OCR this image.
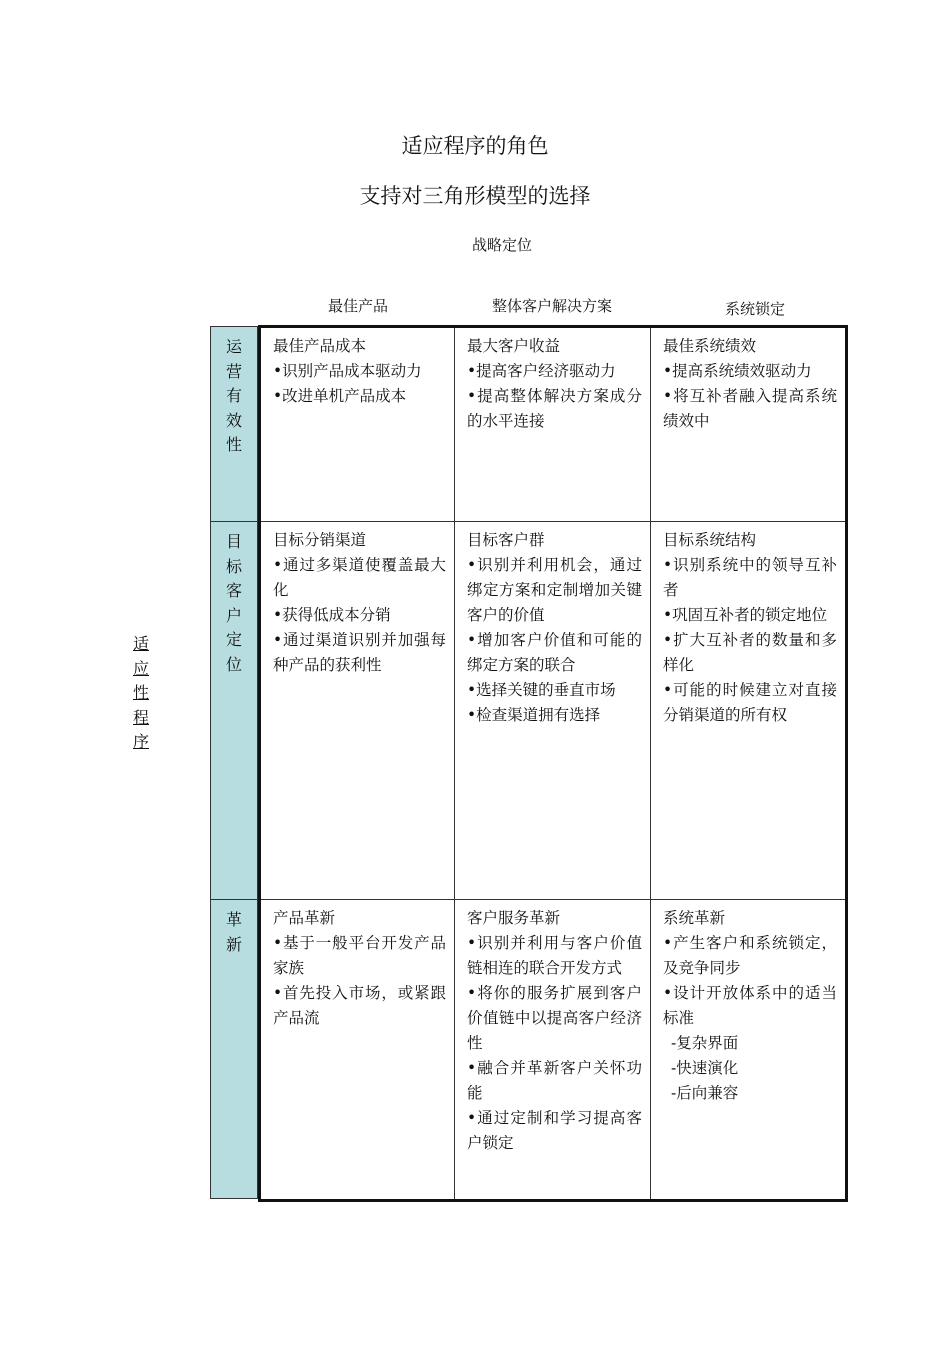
适应程序的角色
支持对三角形模型的选择
战略定位
最佳产品	整体客户解决方案	系统锁定
适
应
性
程
序
运
营
有
效
性
目
标
客
户
定
位
革
新
最佳产品成本
•识别产品成本驱动力
•改进单机产品成本
最大客户收益
•提高客户经济驱动力
•提高整体解决方案成分的水平连接
最佳系统绩效
•提高系统绩效驱动力
•将互补者融入提高系统绩效中
目标分销渠道
•通过多渠道使覆盖最大化
•获得低成本分销
•通过渠道识别并加强每种产品的获利性
目标客户群
•识别并利用机会，通过绑定方案和定制增加关键客户的价值
•增加客户价值和可能的绑定方案的联合
•选择关键的垂直市场
•检查渠道拥有选择
目标系统结构
•识别系统中的领导互补者
•巩固互补者的锁定地位
•扩大互补者的数量和多样化
•可能的时候建立对直接分销渠道的所有权
产品革新
•基于一般平台开发产品家族
•首先投入市场，或紧跟产品流
客户服务革新
•识别并利用与客户价值链相连的联合开发方式
•将你的服务扩展到客户价值链中以提高客户经济性
•融合并革新客户关怀功能
•通过定制和学习提高客户锁定
系统革新
•产生客户和系统锁定，及竞争同步
•设计开放体系中的适当标准
-复杂界面
-快速演化
-后向兼容
